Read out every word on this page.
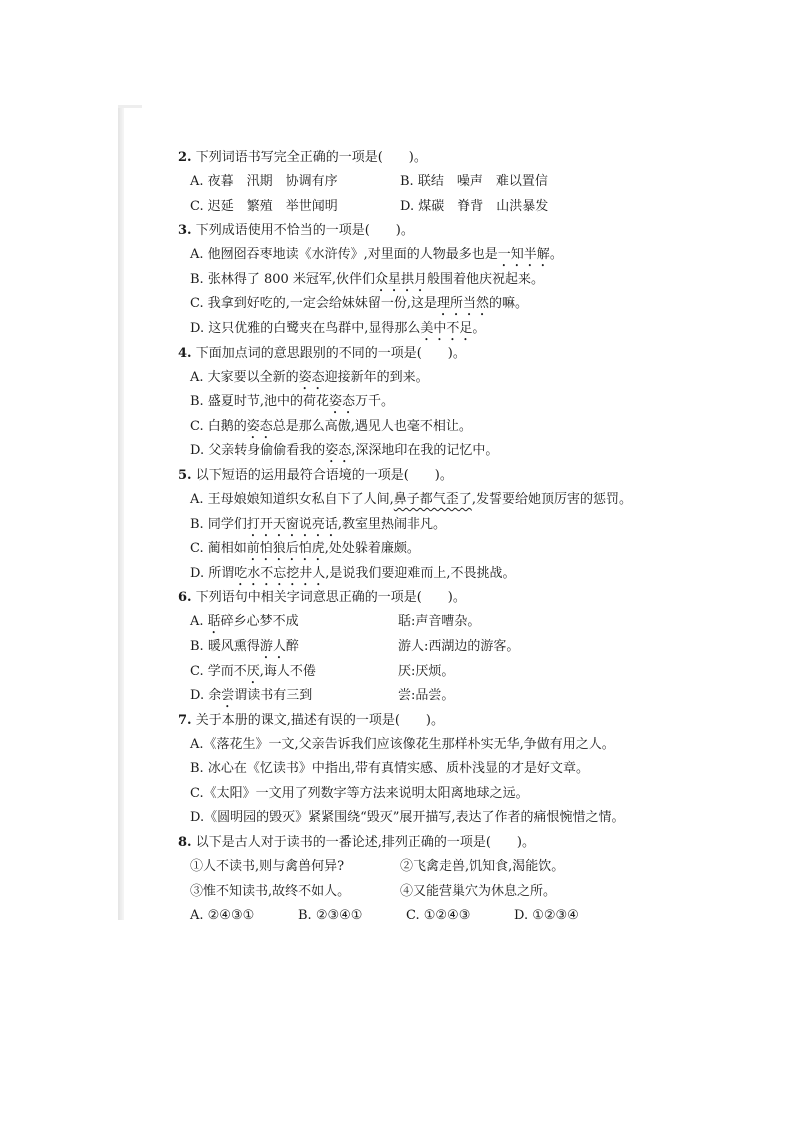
2. 下列词语书写完全正确的一项是(　　)。
A. 夜暮　汛期　协调有序	B. 联结　噪声　难以置信
C. 迟延　繁殖　举世闻明	D. 煤碳　脊背　山洪暴发
3. 下列成语使用不恰当的一项是(　　)。
A. 他囫囵吞枣地读《水浒传》,对里面的人物最多也是一知半解。
B. 张林得了 800 米冠军,伙伴们众星拱月般围着他庆祝起来。
C. 我拿到好吃的,一定会给妹妹留一份,这是理所当然的嘛。
D. 这只优雅的白鹭夹在鸟群中,显得那么美中不足。
4. 下面加点词的意思跟别的不同的一项是(　　)。
A. 大家要以全新的姿态迎接新年的到来。
B. 盛夏时节,池中的荷花姿态万千。
C. 白鹅的姿态总是那么高傲,遇见人也毫不相让。
D. 父亲转身偷偷看我的姿态,深深地印在我的记忆中。
5. 以下短语的运用最符合语境的一项是(　　)。
A. 王母娘娘知道织女私自下了人间,鼻子都气歪了,发誓要给她顶厉害的惩罚。
B. 同学们打开天窗说亮话,教室里热闹非凡。
C. 蔺相如前怕狼后怕虎,处处躲着廉颇。
D. 所谓吃水不忘挖井人,是说我们要迎难而上,不畏挑战。
6. 下列语句中相关字词意思正确的一项是(　　)。
A. 聒碎乡心梦不成	聒:声音嘈杂。
B. 暖风熏得游人醉	游人:西湖边的游客。
C. 学而不厌,诲人不倦	厌:厌烦。
D. 余尝谓读书有三到	尝:品尝。
7. 关于本册的课文,描述有误的一项是(　　)。
A.《落花生》一文,父亲告诉我们应该像花生那样朴实无华,争做有用之人。
B. 冰心在《忆读书》中指出,带有真情实感、质朴浅显的才是好文章。
C.《太阳》一文用了列数字等方法来说明太阳离地球之远。
D.《圆明园的毁灭》紧紧围绕“毁灭”展开描写,表达了作者的痛恨惋惜之情。
8. 以下是古人对于读书的一番论述,排列正确的一项是(　　)。
①人不读书,则与禽兽何异?	②飞禽走兽,饥知食,渴能饮。
③惟不知读书,故终不如人。	④又能营巢穴为休息之所。
A. ②④③①	B. ②③④①	C. ①②④③	D. ①②③④
